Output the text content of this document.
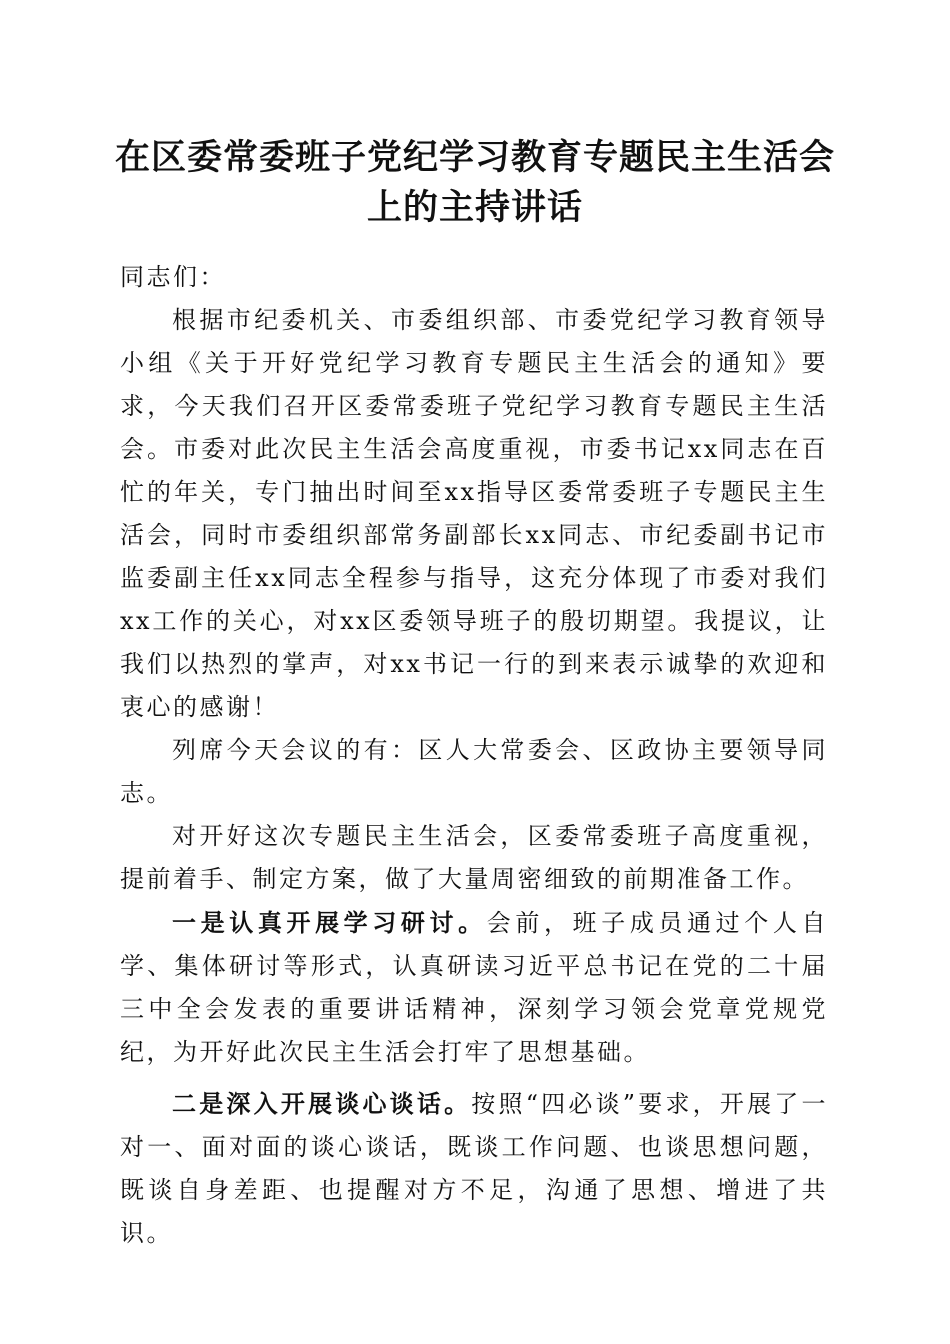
在区委常委班子党纪学习教育专题民主生活会
上的主持讲话

同志们：

根据市纪委机关、市委组织部、市委党纪学习教育领导小组《关于开好党纪学习教育专题民主生活会的通知》要求，今天我们召开区委常委班子党纪学习教育专题民主生活会。市委对此次民主生活会高度重视，市委书记xx同志在百忙的年关，专门抽出时间至xx指导区委常委班子专题民主生活会，同时市委组织部常务副部长xx同志、市纪委副书记市监委副主任xx同志全程参与指导，这充分体现了市委对我们xx工作的关心，对xx区委领导班子的殷切期望。我提议，让我们以热烈的掌声，对xx书记一行的到来表示诚挚的欢迎和衷心的感谢！

列席今天会议的有：区人大常委会、区政协主要领导同志。

对开好这次专题民主生活会，区委常委班子高度重视，提前着手、制定方案，做了大量周密细致的前期准备工作。

一是认真开展学习研讨。会前，班子成员通过个人自学、集体研讨等形式，认真研读习近平总书记在党的二十届三中全会发表的重要讲话精神，深刻学习领会党章党规党纪，为开好此次民主生活会打牢了思想基础。

二是深入开展谈心谈话。按照“四必谈”要求，开展了一对一、面对面的谈心谈话，既谈工作问题、也谈思想问题，既谈自身差距、也提醒对方不足，沟通了思想、增进了共识。
